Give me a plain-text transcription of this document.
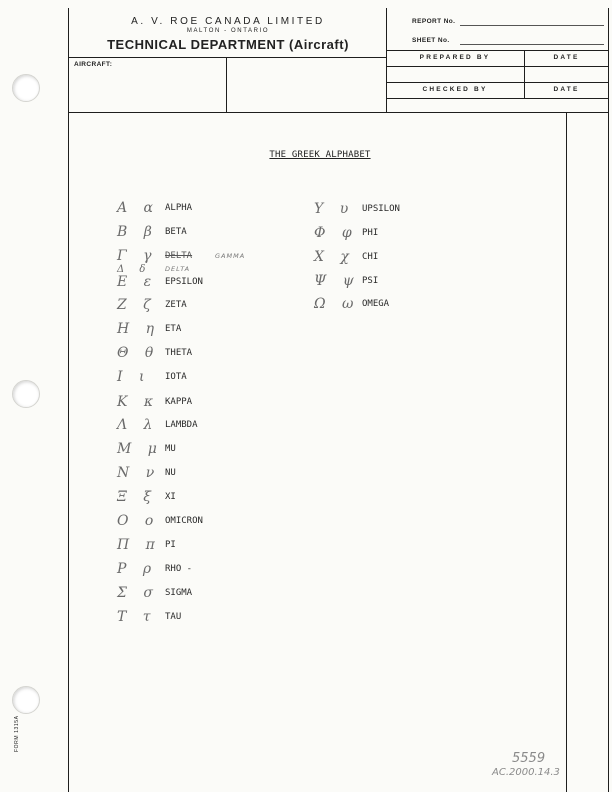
A. V. ROE CANADA LIMITED
MALTON - ONTARIO
TECHNICAL DEPARTMENT (Aircraft)
REPORT No.
SHEET No.
AIRCRAFT:
PREPARED BY	DATE
CHECKED BY	DATE
THE GREEK ALPHABET
Α α ALPHA
Β β BETA
Γ γ DELTA	GAMMA
Δ δ	DELTA
Ε ε EPSILON
Ζ ζ ZETA
Η η ETA
Θ θ THETA
Ι ι	IOTA
Κ κ KAPPA
Λ λ LAMBDA
Μ μ MU
Ν ν NU
Ξ ξ XI
Ο ο OMICRON
Π π PI
Ρ ρ RHO -
Σ σ SIGMA
Τ τ TAU
Υ υ UPSILON
Φ φ PHI
Χ χ CHI
Ψ ψ PSI
Ω ω OMEGA
FORM 1315A
5559
AC.2000.14.3
